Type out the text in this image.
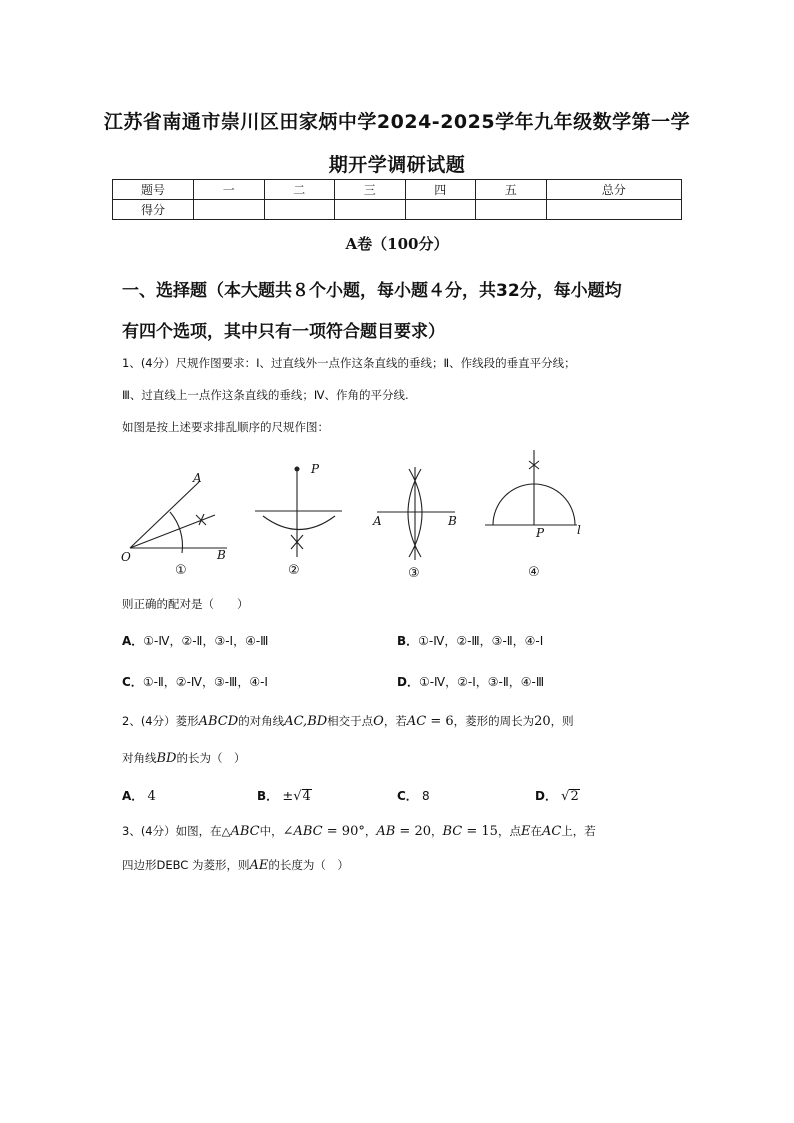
江苏省南通市崇川区田家炳中学2024-2025学年九年级数学第一学
期开学调研试题
题号	一	二	三	四	五	总分
得分						
A卷（100分）
一、选择题（本大题共８个小题，每小题４分，共32分，每小题均
有四个选项，其中只有一项符合题目要求）
1、(4分）尺规作图要求：Ⅰ、过直线外一点作这条直线的垂线；Ⅱ、作线段的垂直平分线；
Ⅲ、过直线上一点作这条直线的垂线；Ⅳ、作角的平分线.
如图是按上述要求排乱顺序的尺规作图：
A
O	B
P
A	B
P	l
①	②	③	④
则正确的配对是（　　）
A．①-Ⅳ，②-Ⅱ，③-Ⅰ，④-Ⅲ	B．①-Ⅳ，②-Ⅲ，③-Ⅱ，④-Ⅰ
C．①-Ⅱ，②-Ⅳ，③-Ⅲ，④-Ⅰ	D．①-Ⅳ，②-Ⅰ，③-Ⅱ，④-Ⅲ
2、(4分）菱形ABCD的对角线AC,BD相交于点O，若AC = 6，菱形的周长为20，则
对角线BD的长为（　）
A． 4	B． ±√4	C． 8	D． √2
3、(4分）如图，在△ABC中，∠ABC = 90°，AB = 20，BC = 15，点E在AC上，若
四边形DEBC 为菱形，则AE的长度为（　）
